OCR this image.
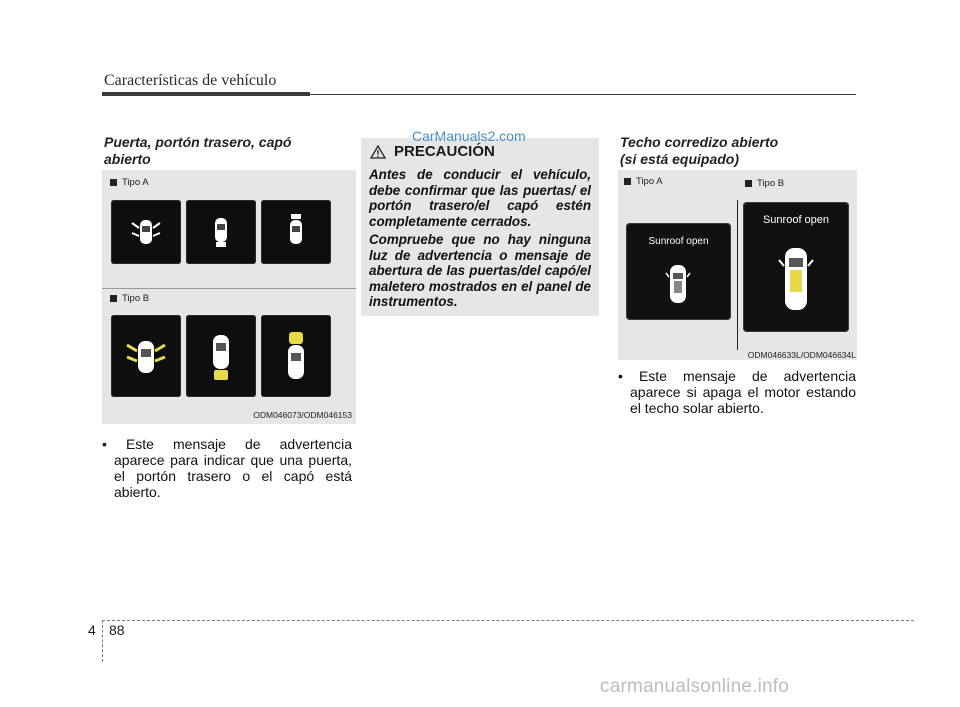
Características de vehículo
Puerta, portón trasero, capó
abierto
Tipo A
Tipo B
ODM046073/ODM046153
• Este mensaje de advertencia
aparece para indicar que una puerta, el portón trasero o el capó está abierto.
CarManuals2.com
PRECAUCIÓN
Antes de conducir el vehículo, debe confirmar que las puertas/ el portón trasero/el capó estén completamente cerrados.
Compruebe que no hay ninguna luz de advertencia o mensaje de abertura de las puertas/del capó/el maletero mostrados en el panel de instrumentos.
Techo corredizo abierto
(si está equipado)
Tipo A	Tipo B
Sunroof open
Sunroof open
ODM046633L/ODM046634L
• Este mensaje de advertencia
aparece si apaga el motor estando el techo solar abierto.
4 88
carmanualsonline.info
